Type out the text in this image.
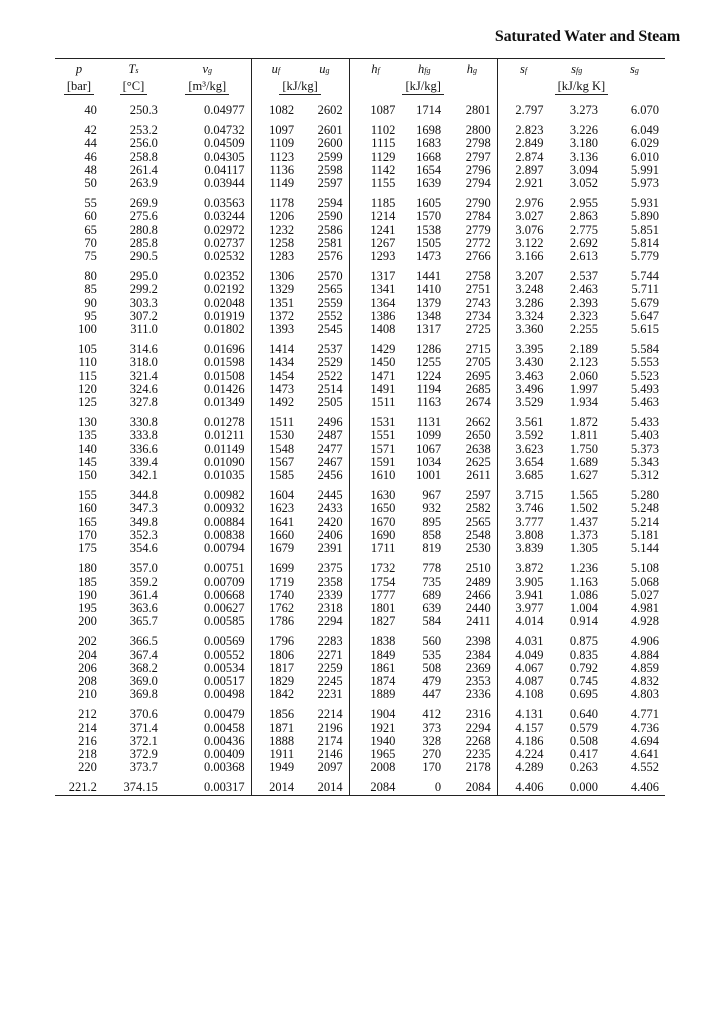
Saturated Water and Steam
p	Ts	vg	uf	ug	hf	hfg	hg	sf	sfg	sg
[bar]	[°C]	[m³/kg]	[kJ/kg]		[kJ/kg]			[kJ/kg K]		

40	250.3	0.04977	1082	2602	1087	1714	2801	2.797	3.273	6.070

42	253.2	0.04732	1097	2601	1102	1698	2800	2.823	3.226	6.049
44	256.0	0.04509	1109	2600	1115	1683	2798	2.849	3.180	6.029
46	258.8	0.04305	1123	2599	1129	1668	2797	2.874	3.136	6.010
48	261.4	0.04117	1136	2598	1142	1654	2796	2.897	3.094	5.991
50	263.9	0.03944	1149	2597	1155	1639	2794	2.921	3.052	5.973

55	269.9	0.03563	1178	2594	1185	1605	2790	2.976	2.955	5.931
60	275.6	0.03244	1206	2590	1214	1570	2784	3.027	2.863	5.890
65	280.8	0.02972	1232	2586	1241	1538	2779	3.076	2.775	5.851
70	285.8	0.02737	1258	2581	1267	1505	2772	3.122	2.692	5.814
75	290.5	0.02532	1283	2576	1293	1473	2766	3.166	2.613	5.779

80	295.0	0.02352	1306	2570	1317	1441	2758	3.207	2.537	5.744
85	299.2	0.02192	1329	2565	1341	1410	2751	3.248	2.463	5.711
90	303.3	0.02048	1351	2559	1364	1379	2743	3.286	2.393	5.679
95	307.2	0.01919	1372	2552	1386	1348	2734	3.324	2.323	5.647
100	311.0	0.01802	1393	2545	1408	1317	2725	3.360	2.255	5.615

105	314.6	0.01696	1414	2537	1429	1286	2715	3.395	2.189	5.584
110	318.0	0.01598	1434	2529	1450	1255	2705	3.430	2.123	5.553
115	321.4	0.01508	1454	2522	1471	1224	2695	3.463	2.060	5.523
120	324.6	0.01426	1473	2514	1491	1194	2685	3.496	1.997	5.493
125	327.8	0.01349	1492	2505	1511	1163	2674	3.529	1.934	5.463

130	330.8	0.01278	1511	2496	1531	1131	2662	3.561	1.872	5.433
135	333.8	0.01211	1530	2487	1551	1099	2650	3.592	1.811	5.403
140	336.6	0.01149	1548	2477	1571	1067	2638	3.623	1.750	5.373
145	339.4	0.01090	1567	2467	1591	1034	2625	3.654	1.689	5.343
150	342.1	0.01035	1585	2456	1610	1001	2611	3.685	1.627	5.312

155	344.8	0.00982	1604	2445	1630	967	2597	3.715	1.565	5.280
160	347.3	0.00932	1623	2433	1650	932	2582	3.746	1.502	5.248
165	349.8	0.00884	1641	2420	1670	895	2565	3.777	1.437	5.214
170	352.3	0.00838	1660	2406	1690	858	2548	3.808	1.373	5.181
175	354.6	0.00794	1679	2391	1711	819	2530	3.839	1.305	5.144

180	357.0	0.00751	1699	2375	1732	778	2510	3.872	1.236	5.108
185	359.2	0.00709	1719	2358	1754	735	2489	3.905	1.163	5.068
190	361.4	0.00668	1740	2339	1777	689	2466	3.941	1.086	5.027
195	363.6	0.00627	1762	2318	1801	639	2440	3.977	1.004	4.981
200	365.7	0.00585	1786	2294	1827	584	2411	4.014	0.914	4.928

202	366.5	0.00569	1796	2283	1838	560	2398	4.031	0.875	4.906
204	367.4	0.00552	1806	2271	1849	535	2384	4.049	0.835	4.884
206	368.2	0.00534	1817	2259	1861	508	2369	4.067	0.792	4.859
208	369.0	0.00517	1829	2245	1874	479	2353	4.087	0.745	4.832
210	369.8	0.00498	1842	2231	1889	447	2336	4.108	0.695	4.803

212	370.6	0.00479	1856	2214	1904	412	2316	4.131	0.640	4.771
214	371.4	0.00458	1871	2196	1921	373	2294	4.157	0.579	4.736
216	372.1	0.00436	1888	2174	1940	328	2268	4.186	0.508	4.694
218	372.9	0.00409	1911	2146	1965	270	2235	4.224	0.417	4.641
220	373.7	0.00368	1949	2097	2008	170	2178	4.289	0.263	4.552

221.2	374.15	0.00317	2014	2014	2084	0	2084	4.406	0.000	4.406
